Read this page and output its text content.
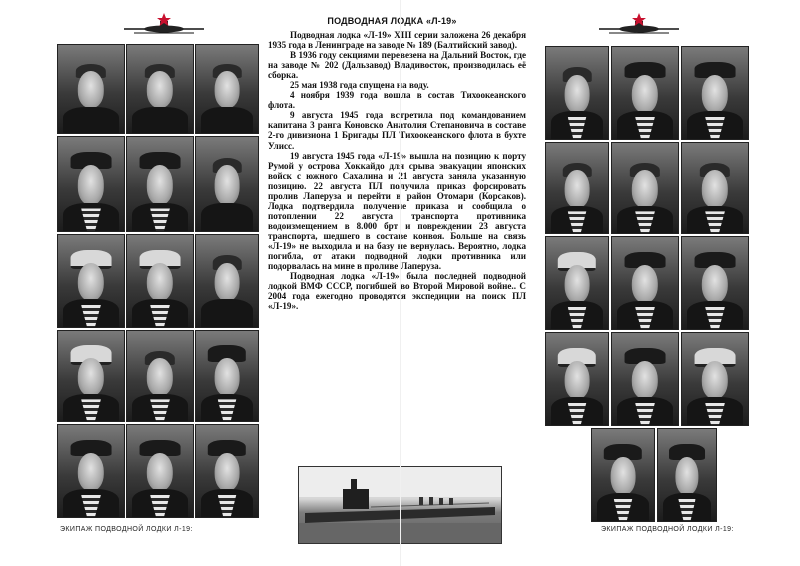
ЭКИПАЖ ПОДВОДНОЙ ЛОДКИ Л-19:
ПОДВОДНАЯ ЛОДКА «Л-19»

Подводная лодка «Л-19» XIII серии заложена 26 декабря 1935 года в Ленинграде на заводе № 189 (Балтийский завод).

В 1936 году секциями перевезена на Дальний Восток, где на заводе № 202 (Дальзавод) Владивосток, производилась её сборка.

25 мая 1938 года спущена на воду.

4 ноября 1939 года вошла в состав Тихоокеанского флота.

9 августа 1945 года встретила под командованием капитана 3 ранга Коновско Анатолия Степановича в составе 2-го дивизиона 1 Бригады ПЛ Тихоокеанского флота в бухте Улисс.

19 августа 1945 года «Л-19» вышла на позицию к порту Румой у острова Хоккайдо для срыва эвакуации японских войск с южного Сахалина и 21 августа заняла указанную позицию. 22 августа ПЛ получила приказ форсировать пролив Лаперуза и перейти в район Отомари (Корсаков). Лодка подтвердила получение приказа и сообщила о потоплении 22 августа транспорта противника водоизмещением в 8.000 брт и повреждении 23 августа транспорта, шедшего в составе конвоя. Больше на связь «Л-19» не выходила и на базу не вернулась. Вероятно, лодка погибла, от атаки подводной лодки противника или подорвалась на мине в проливе Лаперуза.

Подводная лодка «Л-19» была последней подводной лодкой ВМФ СССР, погибшей во Второй Мировой войне.. С 2004 года ежегодно проводятся экспедиции на поиск ПЛ «Л-19».

ЭКИПАЖ ПОДВОДНОЙ ЛОДКИ Л-19:
